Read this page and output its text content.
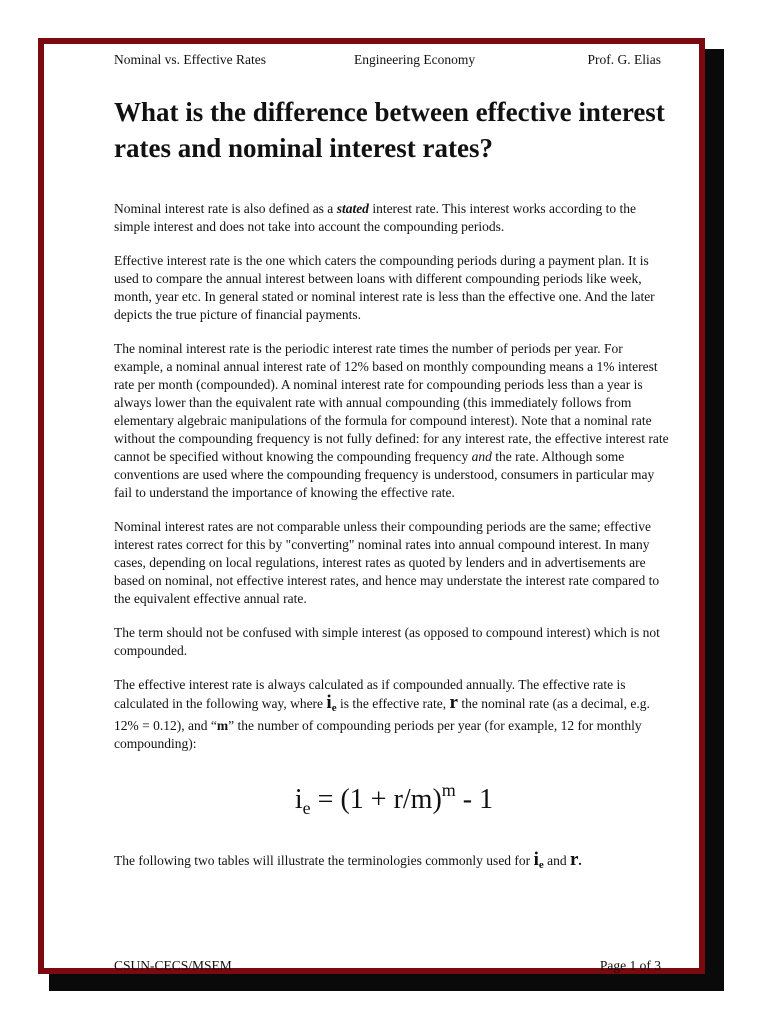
Nominal vs. Effective Rates	Engineering Economy	Prof. G. Elias
What is the difference between effective interest rates and nominal interest rates?

Nominal interest rate is also defined as a stated interest rate. This interest works according to the simple interest and does not take into account the compounding periods.

Effective interest rate is the one which caters the compounding periods during a payment plan. It is used to compare the annual interest between loans with different compounding periods like week, month, year etc. In general stated or nominal interest rate is less than the effective one. And the later depicts the true picture of financial payments.

The nominal interest rate is the periodic interest rate times the number of periods per year. For example, a nominal annual interest rate of 12% based on monthly compounding means a 1% interest rate per month (compounded). A nominal interest rate for compounding periods less than a year is always lower than the equivalent rate with annual compounding (this immediately follows from elementary algebraic manipulations of the formula for compound interest). Note that a nominal rate without the compounding frequency is not fully defined: for any interest rate, the effective interest rate cannot be specified without knowing the compounding frequency and the rate. Although some conventions are used where the compounding frequency is understood, consumers in particular may fail to understand the importance of knowing the effective rate.

Nominal interest rates are not comparable unless their compounding periods are the same; effective interest rates correct for this by "converting" nominal rates into annual compound interest. In many cases, depending on local regulations, interest rates as quoted by lenders and in advertisements are based on nominal, not effective interest rates, and hence may understate the interest rate compared to the equivalent effective annual rate.

The term should not be confused with simple interest (as opposed to compound interest) which is not compounded.

The effective interest rate is always calculated as if compounded annually. The effective rate is calculated in the following way, where $i_e$ is the effective rate, r the nominal rate (as a decimal, e.g. 12% = 0.12), and “m” the number of compounding periods per year (for example, 12 for monthly compounding):

$i_e = (1 + r/m)^m - 1$

The following two tables will illustrate the terminologies commonly used for $i_e$ and r.

CSUN-CECS/MSEM	Page 1 of 3
